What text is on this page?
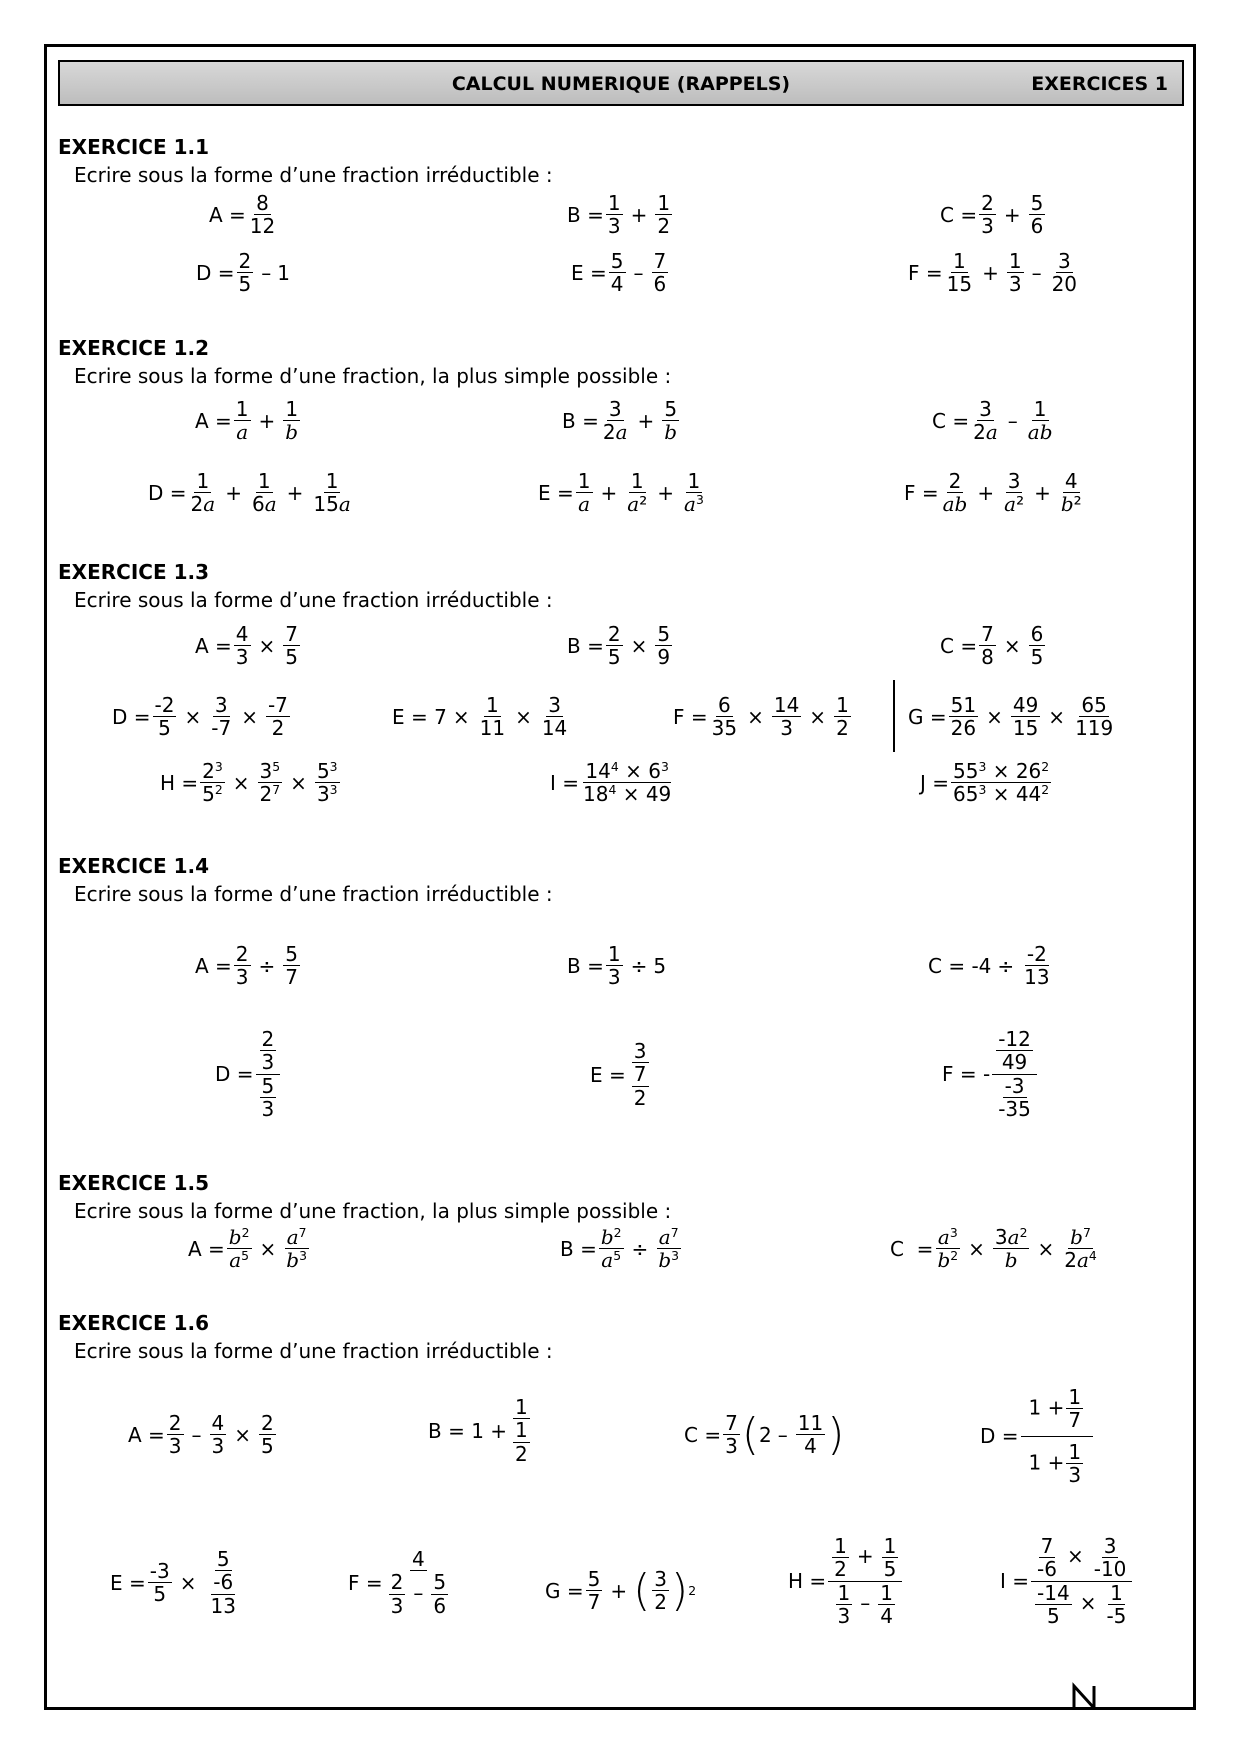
CALCUL NUMERIQUE (RAPPELS)	EXERCICES 1
EXERCICE 1.1
Ecrire sous la forme d’une fraction irréductible :
$A = \frac{8}{12}$	$B = \frac{1}{3} + \frac{1}{2}$	$C = \frac{2}{3} + \frac{5}{6}$
$D = \frac{2}{5} - 1$	$E = \frac{5}{4} - \frac{7}{6}$	$F = \frac{1}{15} + \frac{1}{3} - \frac{3}{20}$
EXERCICE 1.2
Ecrire sous la forme d’une fraction, la plus simple possible :
$A = \frac{1}{a} + \frac{1}{b}$	$B = \frac{3}{2a} + \frac{5}{b}$	$C = \frac{3}{2a} - \frac{1}{ab}$
$D = \frac{1}{2a} + \frac{1}{6a} + \frac{1}{15a}$	$E = \frac{1}{a} + \frac{1}{\text{a²}} + \frac{1}{a^3}$	$F = \frac{2}{ab} + \frac{3}{\text{a²}} + \frac{4}{\text{b²}}$
EXERCICE 1.3
Ecrire sous la forme d’une fraction irréductible :
$A = \frac{4}{3} \times \frac{7}{5}$	$B = \frac{2}{5} \times \frac{5}{9}$	$C = \frac{7}{8} \times \frac{6}{5}$
$D = \frac{-2}{5} \times \frac{3}{-7} \times \frac{-7}{2}$	$E = 7 \times \frac{1}{11} \times \frac{3}{14}$	$F = \frac{6}{35} \times \frac{14}{3} \times \frac{1}{2}$	$G = \frac{51}{26} \times \frac{49}{15} \times \frac{65}{119}$
$H = \frac{2^3}{5^2} \times \frac{3^5}{2^7} \times \frac{5^3}{3^3}$	$I = \frac{14^4 \times 6^3}{18^4 \times 49}$	$J = \frac{55^3 \times 26^2}{65^3 \times 44^2}$
EXERCICE 1.4
Ecrire sous la forme d’une fraction irréductible :
$A = \frac{2}{3} \div \frac{5}{7}$	$B = \frac{1}{3} \div 5$	$C = -4 \div \frac{-2}{13}$
$D = \frac{\frac{2}{3}}{\frac{5}{3}}$	$E = \frac{3}{\frac{7}{2}}$	F = - $\frac{\frac{-12}{49}}{\frac{-3}{-35}}$
EXERCICE 1.5
Ecrire sous la forme d’une fraction, la plus simple possible :
$A = \frac{b^2}{a^5} \times \frac{a^7}{b^3}$	$B = \frac{b^2}{a^5} \div \frac{a^7}{b^3}$	$C = \frac{a^3}{b^2} \times \frac{3a^2}{b} \times \frac{b^7}{2a^4}$
EXERCICE 1.6
Ecrire sous la forme d’une fraction irréductible :
$A = \frac{2}{3} - \frac{4}{3} \times \frac{2}{5}$	$B = 1 + \frac{1}{\frac{1}{2}}$	$C = \frac{7}{3}$ ( $2 - \frac{11}{4}$ )	$D = \frac{1 + \frac{1}{7}}{1 + \frac{1}{3}}$
$E = \frac{-3}{5} \times \frac{5}{\frac{-6}{13}}$	$F = \frac{4}{\frac{2}{3} - \frac{5}{6}}$	$G = \frac{5}{7}$ + ( $\frac{3}{2}$ ) 2	$H = \frac{\frac{1}{2} + \frac{1}{5}}{\frac{1}{3} - \frac{1}{4}}$	$I = \frac{\frac{7}{-6} \times \frac{3}{-10}}{\frac{-14}{5} \times \frac{1}{-5}}$
